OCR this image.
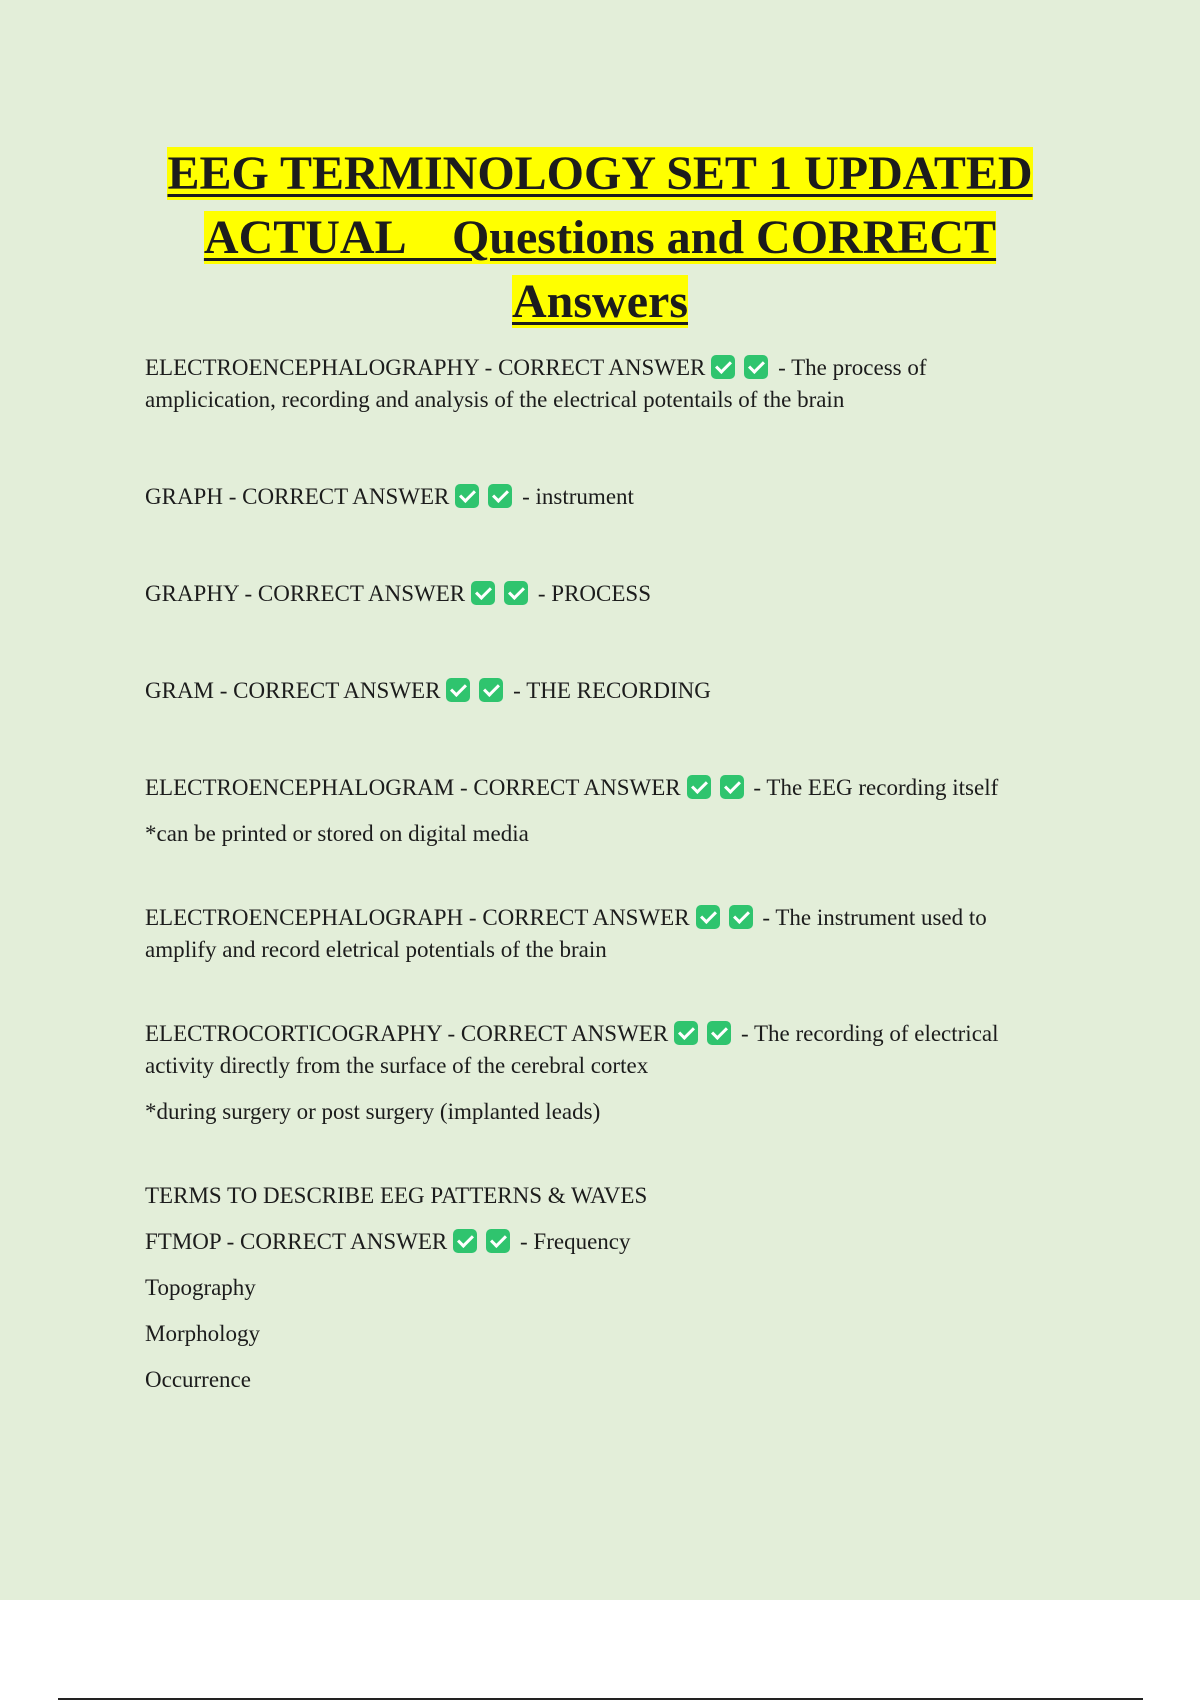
EEG TERMINOLOGY SET 1 UPDATED
ACTUAL    Questions and CORRECT
Answers

ELECTROENCEPHALOGRAPHY - CORRECT ANSWER	- The process of amplicication, recording and analysis of the electrical potentails of the brain

GRAPH - CORRECT ANSWER	- instrument

GRAPHY - CORRECT ANSWER	- PROCESS

GRAM - CORRECT ANSWER	- THE RECORDING

ELECTROENCEPHALOGRAM - CORRECT ANSWER	- The EEG recording itself

*can be printed or stored on digital media

ELECTROENCEPHALOGRAPH - CORRECT ANSWER	- The instrument used to amplify and record eletrical potentials of the brain

ELECTROCORTICOGRAPHY - CORRECT ANSWER	- The recording of electrical activity directly from the surface of the cerebral cortex

*during surgery or post surgery (implanted leads)

TERMS TO DESCRIBE EEG PATTERNS & WAVES

FTMOP - CORRECT ANSWER	- Frequency

Topography

Morphology

Occurrence
